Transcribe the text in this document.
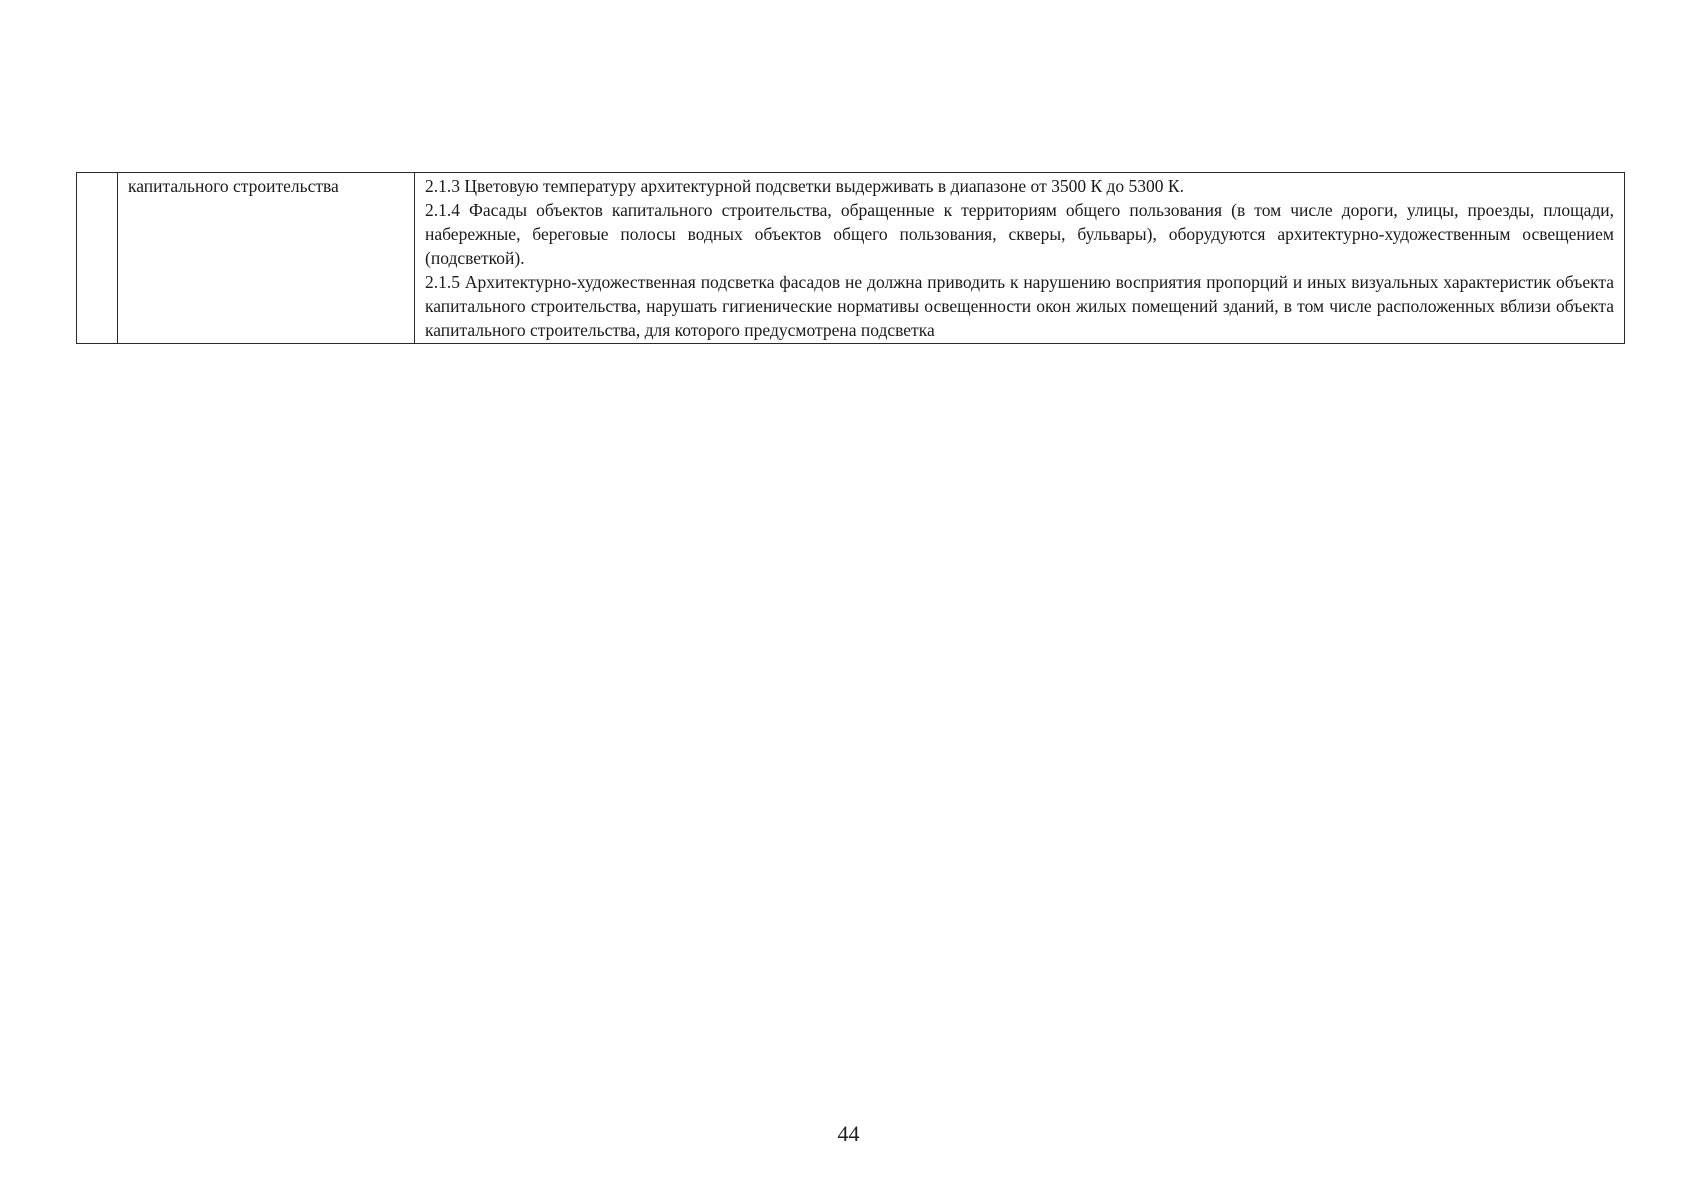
	капитального строительства	2.1.3 Цветовую температуру архитектурной подсветки выдерживать в диапазоне от 3500 К до 5300 К.

2.1.4 Фасады объектов капитального строительства, обращенные к территориям общего пользования (в том числе дороги, улицы, проезды, площади, набережные, береговые полосы водных объектов общего пользования, скверы, бульвары), оборудуются архитектурно-художественным освещением (подсветкой).

2.1.5 Архитектурно-художественная подсветка фасадов не должна приводить к нарушению восприятия пропорций и иных визуальных характеристик объекта капитального строительства, нарушать гигиенические нормативы освещенности окон жилых помещений зданий, в том числе расположенных вблизи объекта капитального строительства, для которого предусмотрена подсветка

44
